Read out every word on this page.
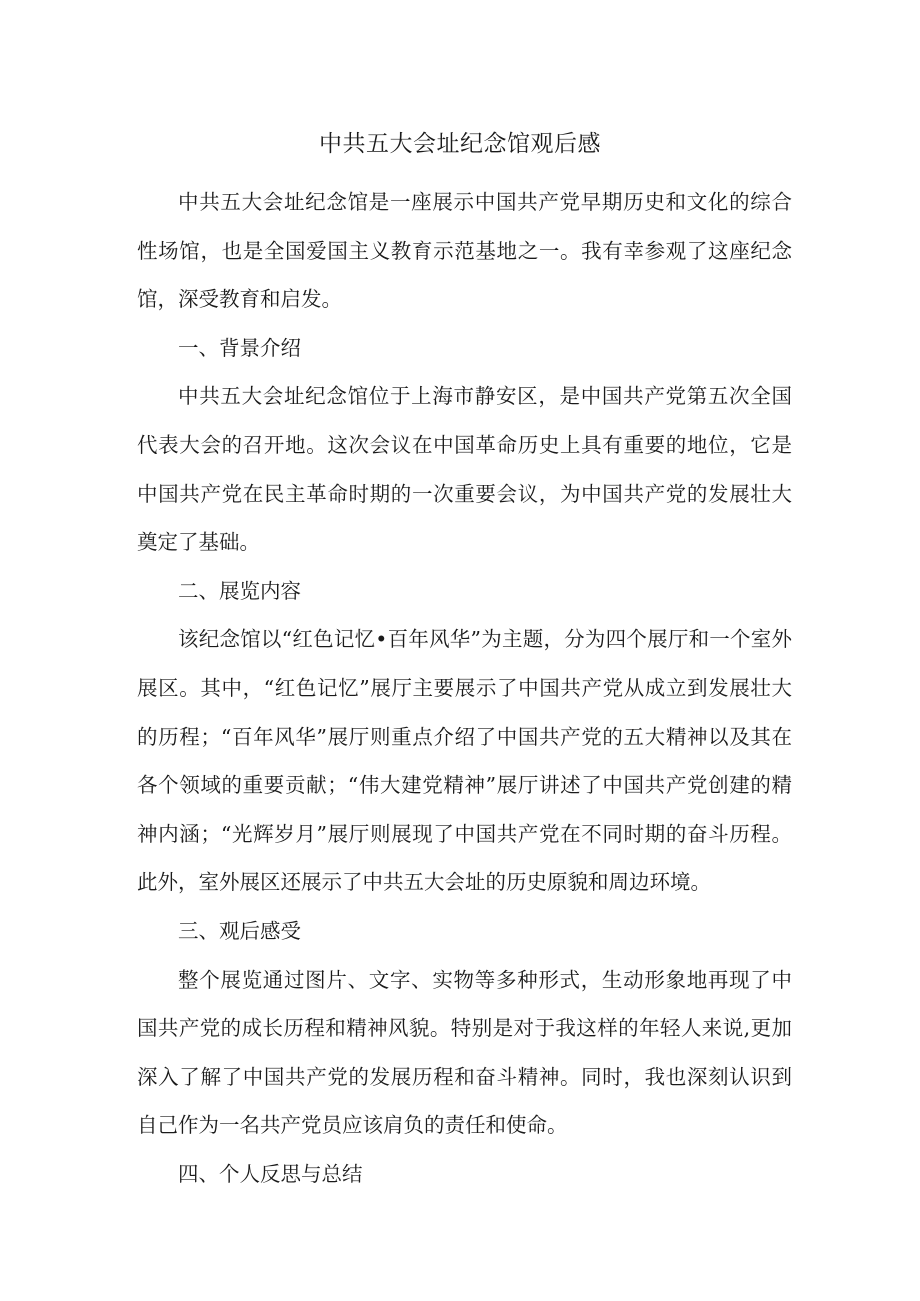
中共五大会址纪念馆观后感

中共五大会址纪念馆是一座展示中国共产党早期历史和文化的综合性场馆，也是全国爱国主义教育示范基地之一。我有幸参观了这座纪念馆，深受教育和启发。

一、背景介绍

中共五大会址纪念馆位于上海市静安区，是中国共产党第五次全国代表大会的召开地。这次会议在中国革命历史上具有重要的地位，它是中国共产党在民主革命时期的一次重要会议，为中国共产党的发展壮大奠定了基础。

二、展览内容

该纪念馆以“红色记忆•百年风华”为主题，分为四个展厅和一个室外展区。其中，“红色记忆”展厅主要展示了中国共产党从成立到发展壮大的历程；“百年风华”展厅则重点介绍了中国共产党的五大精神以及其在各个领域的重要贡献；“伟大建党精神”展厅讲述了中国共产党创建的精神内涵；“光辉岁月”展厅则展现了中国共产党在不同时期的奋斗历程。此外，室外展区还展示了中共五大会址的历史原貌和周边环境。

三、观后感受

整个展览通过图片、文字、实物等多种形式，生动形象地再现了中国共产党的成长历程和精神风貌。特别是对于我这样的年轻人来说,更加深入了解了中国共产党的发展历程和奋斗精神。同时，我也深刻认识到自己作为一名共产党员应该肩负的责任和使命。

四、个人反思与总结
